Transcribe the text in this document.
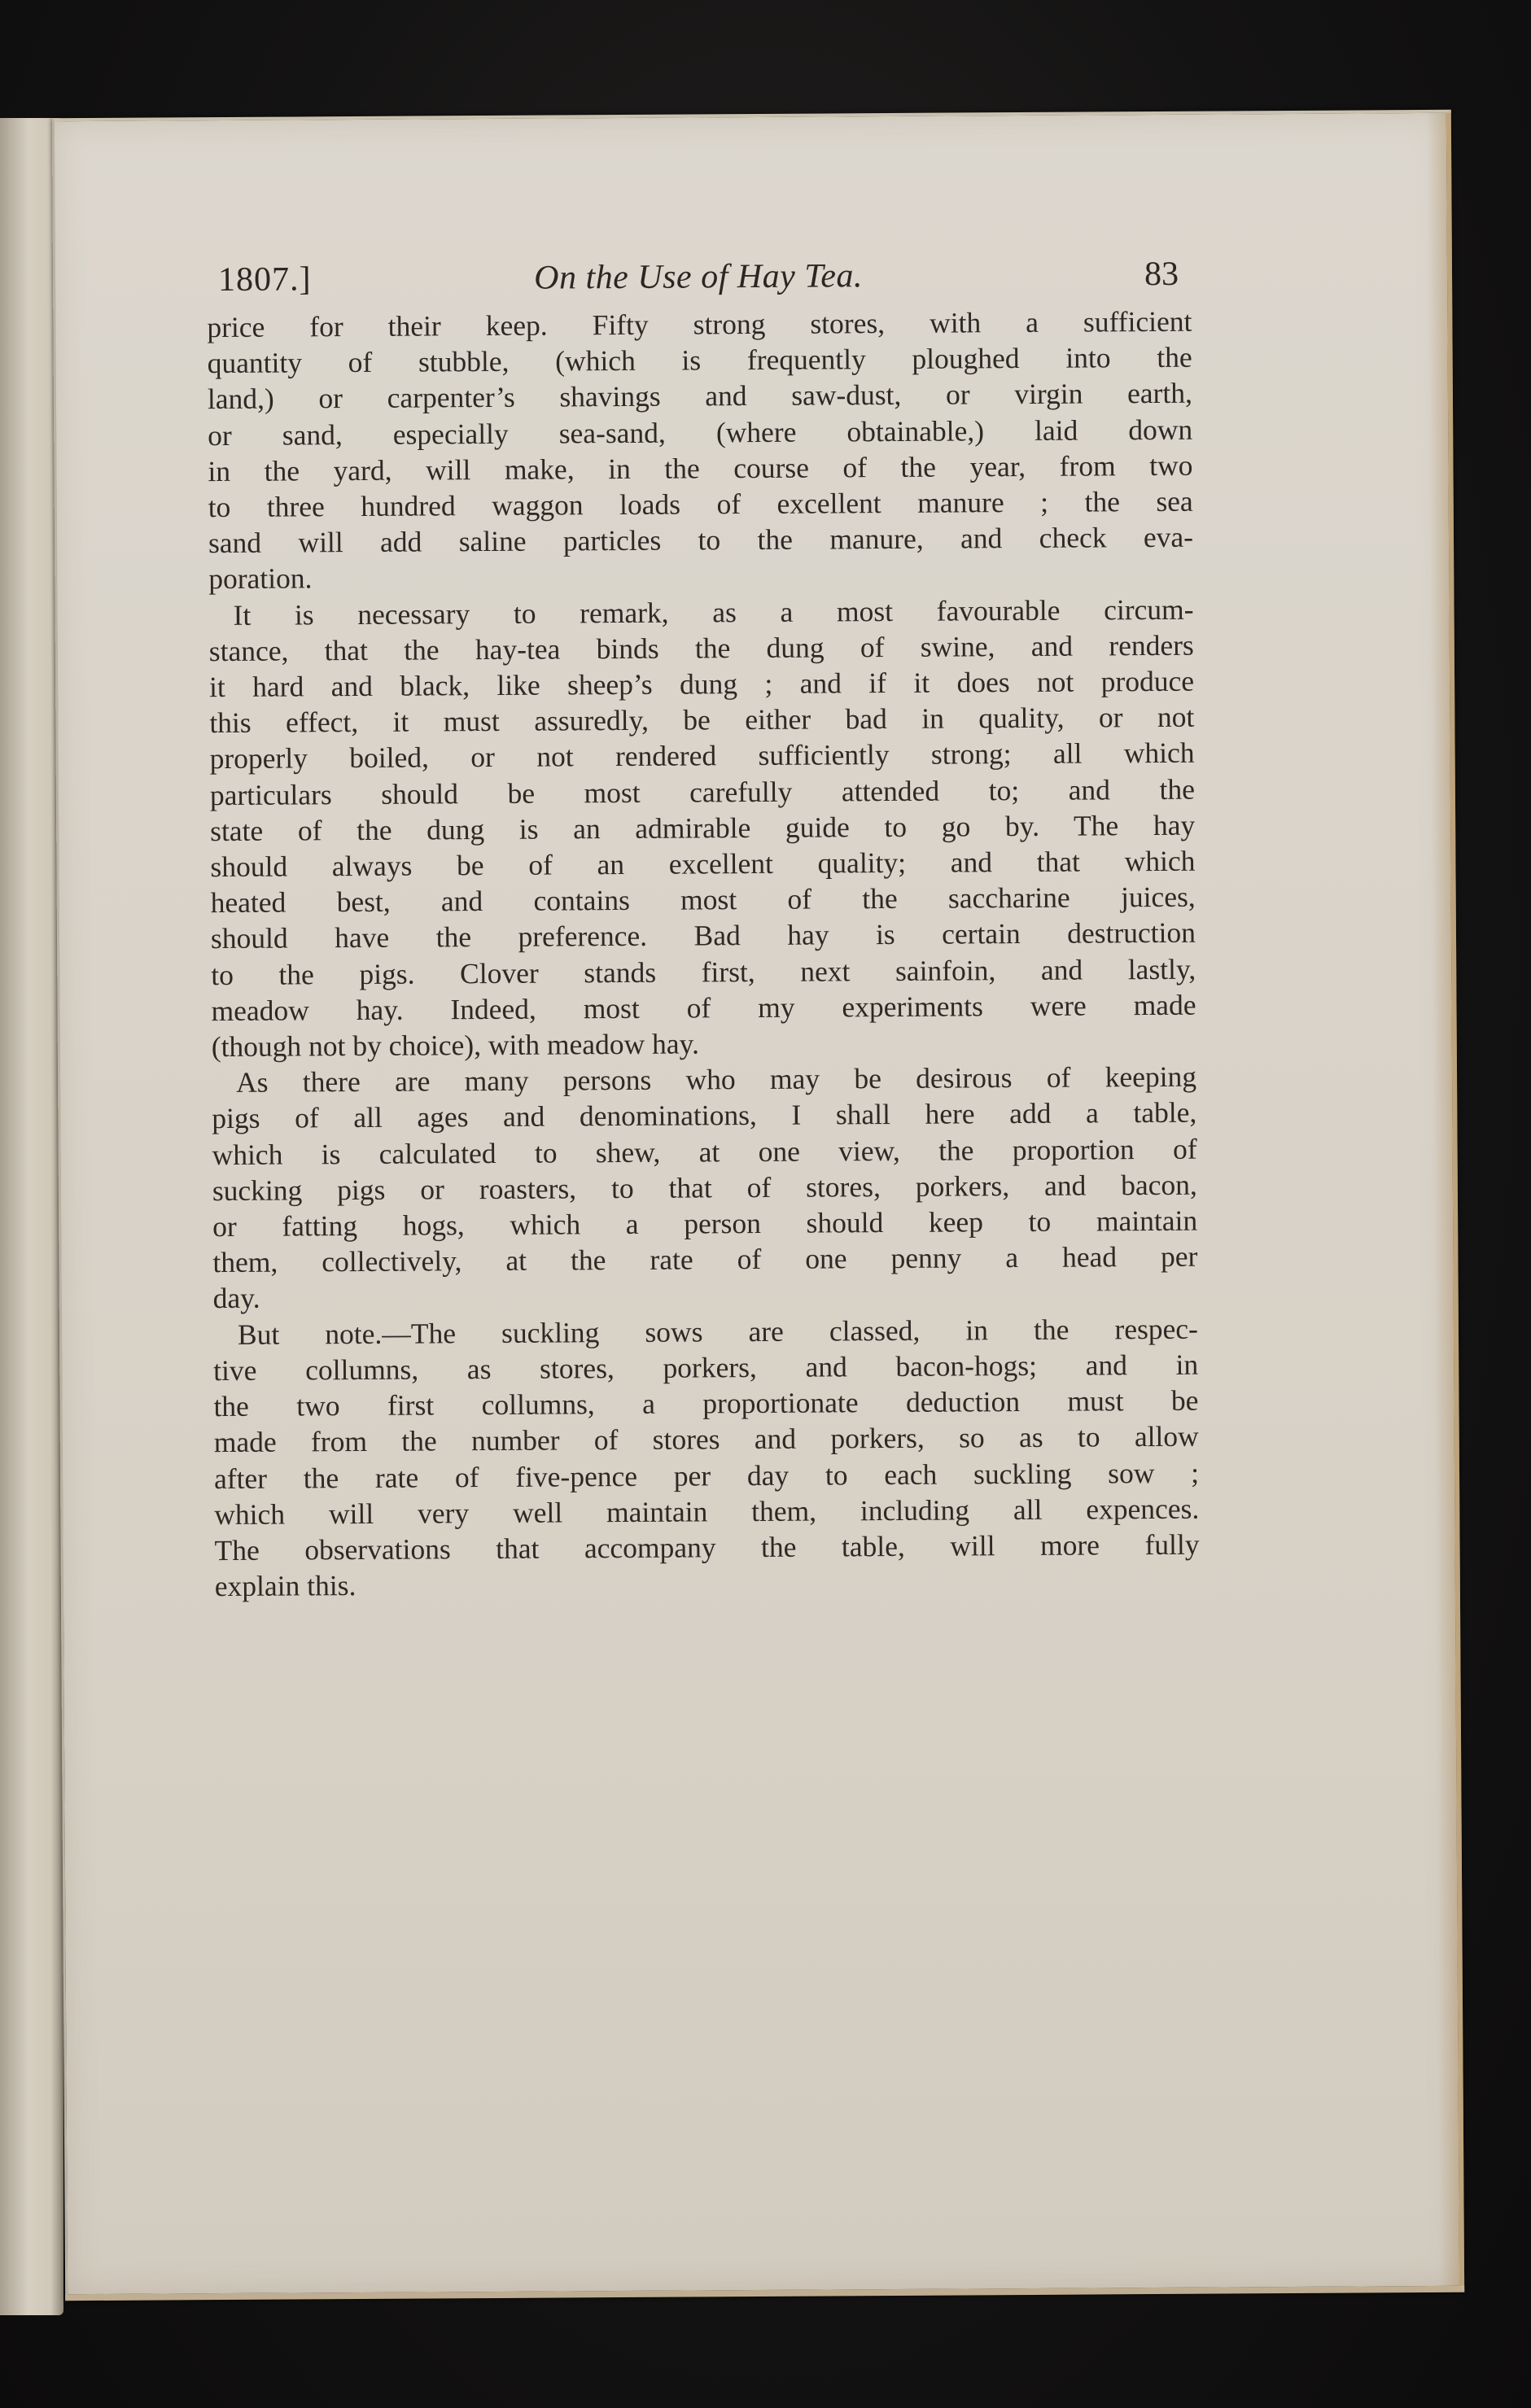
1807.]	On the Use of Hay Tea.	83

price for their keep. Fifty strong stores, with a sufficient
quantity of stubble, (which is frequently ploughed into the
land,) or carpenter’s shavings and saw-dust, or virgin earth,
or sand, especially sea-sand, (where obtainable,) laid down
in the yard, will make, in the course of the year, from two
to three hundred waggon loads of excellent manure ; the sea
sand will add saline particles to the manure, and check eva-
poration.

It is necessary to remark, as a most favourable circum-
stance, that the hay-tea binds the dung of swine, and renders
it hard and black, like sheep’s dung ; and if it does not produce
this effect, it must assuredly, be either bad in quality, or not
properly boiled, or not rendered sufficiently strong; all which
particulars should be most carefully attended to; and the
state of the dung is an admirable guide to go by. The hay
should always be of an excellent quality; and that which
heated best, and contains most of the saccharine juices,
should have the preference. Bad hay is certain destruction
to the pigs. Clover stands first, next sainfoin, and lastly,
meadow hay. Indeed, most of my experiments were made
(though not by choice), with meadow hay.

As there are many persons who may be desirous of keeping
pigs of all ages and denominations, I shall here add a table,
which is calculated to shew, at one view, the proportion of
sucking pigs or roasters, to that of stores, porkers, and bacon,
or fatting hogs, which a person should keep to maintain
them, collectively, at the rate of one penny a head per
day.

But note.—The suckling sows are classed, in the respec-
tive collumns, as stores, porkers, and bacon-hogs; and in
the two first collumns, a proportionate deduction must be
made from the number of stores and porkers, so as to allow
after the rate of five-pence per day to each suckling sow ;
which will very well maintain them, including all expences.
The observations that accompany the table, will more fully
explain this.
